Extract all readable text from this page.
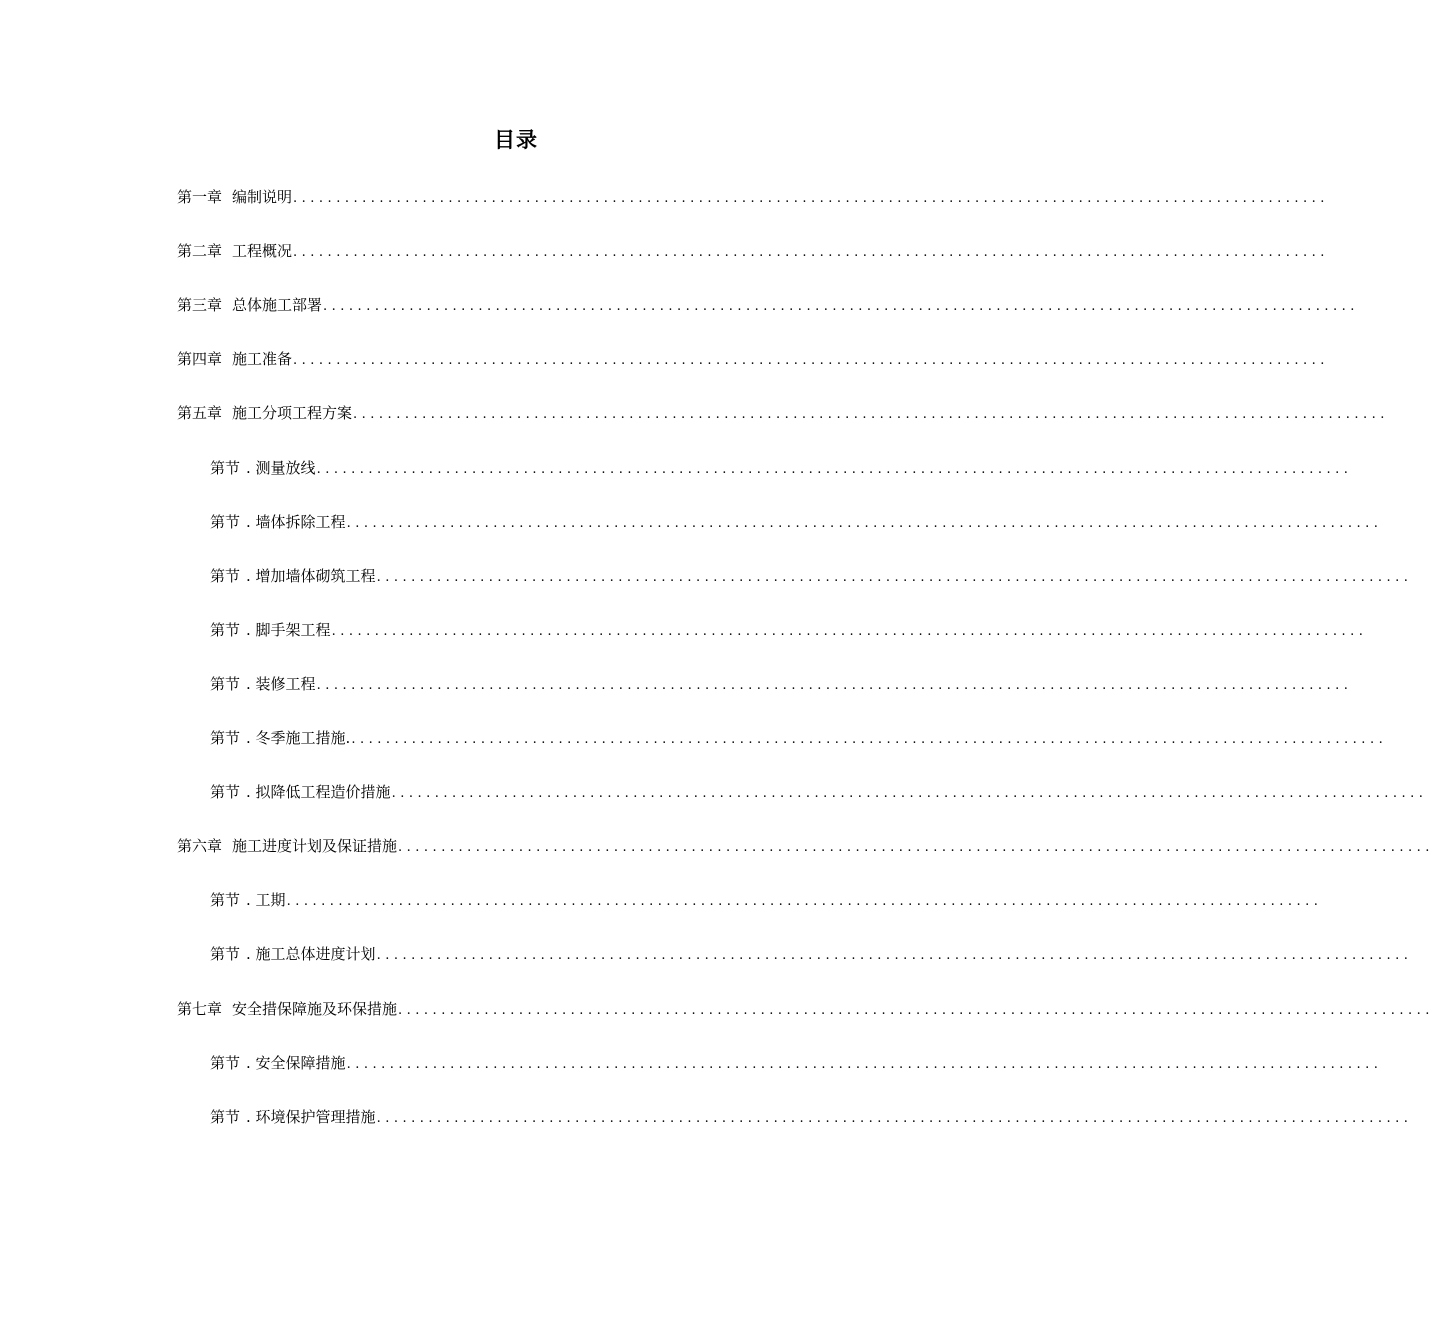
目录
第一章 编制说明 ........................................................................................................................
第二章 工程概况 ........................................................................................................................
第三章 总体施工部署 ........................................................................................................................
第四章 施工准备 ........................................................................................................................
第五章 施工分项工程方案 ........................................................................................................................
第节 . 测量放线 ........................................................................................................................
第节 . 墙体拆除工程 ........................................................................................................................
第节 . 增加墙体砌筑工程 ........................................................................................................................
第节 . 脚手架工程 ........................................................................................................................
第节 . 装修工程 ........................................................................................................................
第节 . 冬季施工措施. ........................................................................................................................
第节 . 拟降低工程造价措施 ........................................................................................................................
第六章 施工进度计划及保证措施 ........................................................................................................................
第节 . 工期 ........................................................................................................................
第节 . 施工总体进度计划 ........................................................................................................................
第七章 安全措保障施及环保措施 ........................................................................................................................
第节 . 安全保障措施 ........................................................................................................................
第节 . 环境保护管理措施 ........................................................................................................................
